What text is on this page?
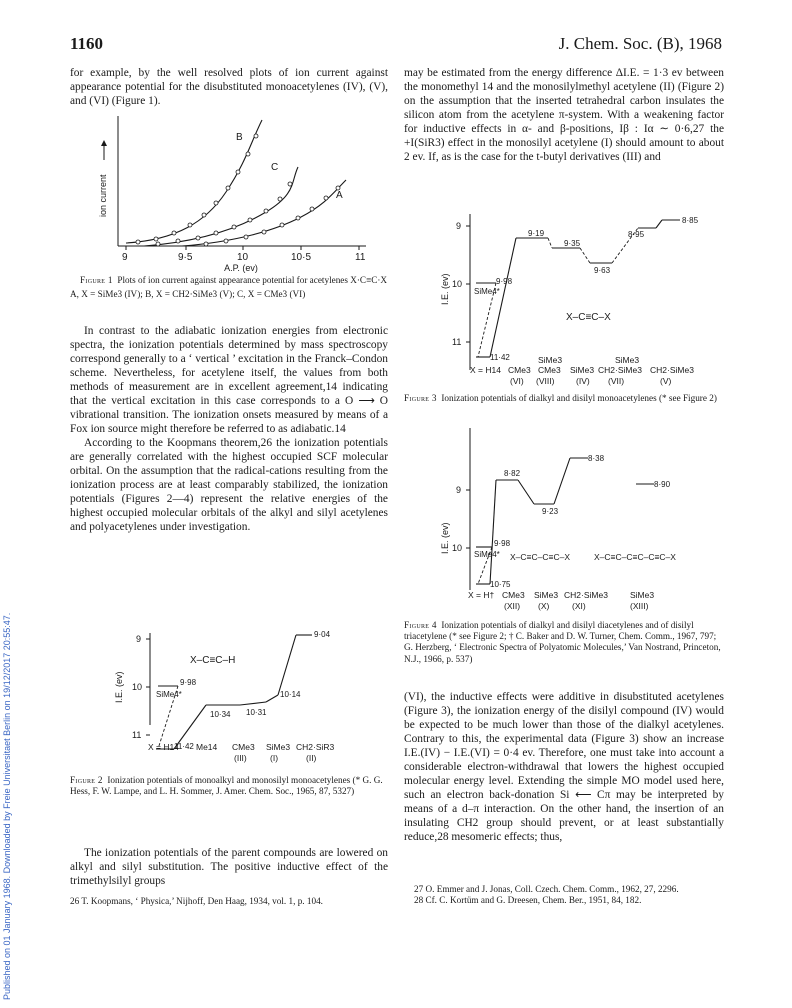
1160	J. Chem. Soc. (B), 1968
Published on 01 January 1968. Downloaded by Freie Universitaet Berlin on 19/12/2017 20:55:47.

for example, by the well resolved plots of ion current against appearance potential for the disubstituted monoacetylenes (IV), (V), and (VI) (Figure 1).

9	9·5	10	10·5	11
A.P. (ev)
ion current
B
C
A
Figure 1 Plots of ion current against appearance potential for acetylenes X·C≡C·X
A, X = SiMe3 (IV); B, X = CH2·SiMe3 (V); C, X = CMe3 (VI)

In contrast to the adiabatic ionization energies from electronic spectra, the ionization potentials determined by mass spectroscopy correspond generally to a ‘ vertical ’ excitation in the Franck–Condon scheme. Nevertheless, for acetylene itself, the values from both methods of measurement are in excellent agreement,14 indicating that the vertical excitation in this case corresponds to a O ⟶ O vibrational transition. The ionization onsets measured by means of a Fox ion source might therefore be referred to as adiabatic.14

According to the Koopmans theorem,26 the ionization potentials are generally correlated with the highest occupied SCF molecular orbital. On the assumption that the radical-cations resulting from the ionization process are at least comparably stabilized, the ionization potentials (Figures 2—4) represent the relative energies of the highest occupied molecular orbitals of the alkyl and silyl acetylenes and polyacetylenes under investigation.

I.E. (ev)
9
10
11
X–C≡C–H
9·98
SiMe4*
10·34 10·31
10·14
9·04
11·42
X = H14 Me14 CMe3 SiMe3 CH2·SiR3
(III)	(I)	(II)
Figure 2 Ionization potentials of monoalkyl and monosilyl monoacetylenes (* G. G. Hess, F. W. Lampe, and L. H. Sommer, J. Amer. Chem. Soc., 1965, 87, 5327)

The ionization potentials of the parent compounds are lowered on alkyl and silyl substitution. The positive inductive effect of the trimethylsilyl groups

26 T. Koopmans, ‘ Physica,’ Nijhoff, Den Haag, 1934, vol. 1, p. 104.

may be estimated from the energy difference ΔI.E. = 1·3 ev between the monomethyl 14 and the monosilylmethyl acetylene (II) (Figure 2) on the assumption that the inserted tetrahedral carbon insulates the silicon atom from the acetylene π-system. With a weakening factor for inductive effects in α- and β-positions, Iβ : Iα ∼ 0·6,27 the +I(SiR3) effect in the monosilyl acetylene (I) should amount to about 2 ev. If, as is the case for the t-butyl derivatives (III) and

I.E. (ev)
9
10
11
9·98
SiMe4*
9·19
9·35
9·63
8·95
8·85
X–C≡C–X
11·42	SiMe3	SiMe3
X = H14 CMe3 CMe3 SiMe3 CH2·SiMe3 CH2·SiMe3
(VI) (VIII)	(IV) (VII)	(V)
Figure 3 Ionization potentials of dialkyl and disilyl monoacetylenes (* see Figure 2)
I.E. (ev)
9
10	9·98
SiMe4*
8·82
9·23
8·38
8·90
X–C≡C–C≡C–X	X–C≡C–C≡C–C≡C–X
10·75
X = H† CMe3 SiMe3 CH2·SiMe3	SiMe3
(XII) (X)	(XI)	(XIII)
Figure 4 Ionization potentials of dialkyl and disilyl diacetylenes and of disilyl triacetylene (* see Figure 2; † C. Baker and D. W. Turner, Chem. Comm., 1967, 797; G. Herzberg, ‘ Electronic Spectra of Polyatomic Molecules,’ Van Nostrand, Princeton, N.J., 1966, p. 537)

(VI), the inductive effects were additive in disubstituted acetylenes (Figure 3), the ionization energy of the disilyl compound (IV) would be expected to be much lower than those of the dialkyl acetylenes. Contrary to this, the experimental data (Figure 3) show an increase I.E.(IV) − I.E.(VI) = 0·4 ev. Therefore, one must take into account a considerable electron-withdrawal that lowers the highest occupied molecular energy level. Extending the simple MO model used here, such an electron back-donation Si ⟵ Cπ may be interpreted by means of a d–π interaction. On the other hand, the insertion of an insulating CH2 group should prevent, or at least substantially reduce,28 mesomeric effects; thus,

27 O. Emmer and J. Jonas, Coll. Czech. Chem. Comm., 1962, 27, 2296.
28 Cf. C. Kortüm and G. Dreesen, Chem. Ber., 1951, 84, 182.
